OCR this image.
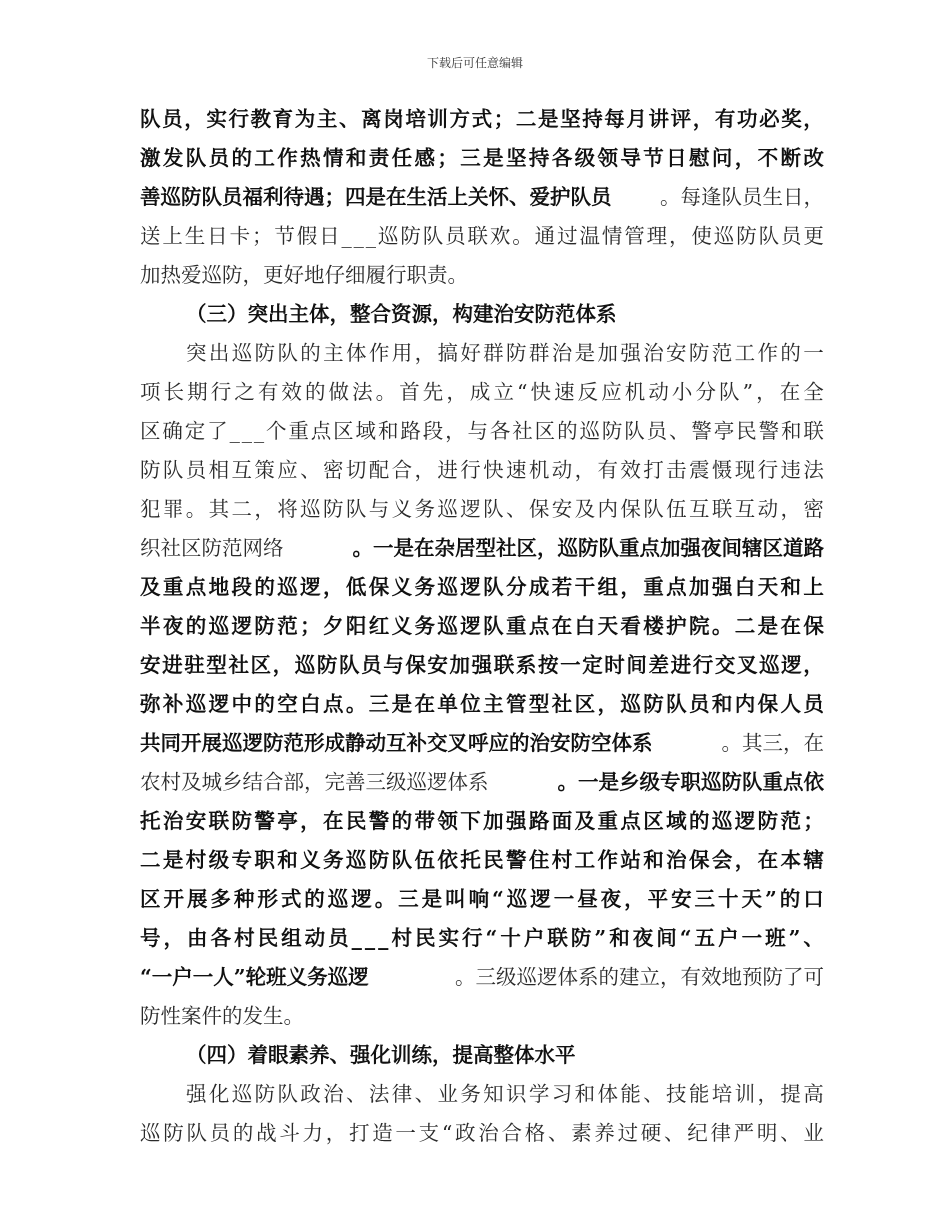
下载后可任意编辑
队 员 ， 实 行 教 育 为 主 、 离 岗 培 训 方 式 ； 二 是 坚 持 每 月 讲 评 ， 有 功 必 奖 ，
激 发 队 员 的 工 作 热 情 和 责 任 感 ； 三 是 坚 持 各 级 领 导 节 日 慰 问 ， 不 断 改
善巡防队员福利待遇；四是在生活上关怀、爱护队员 。每逢队员生日，
送 上 生 日 卡 ； 节 假 日 _ _ _ 巡 防 队 员 联 欢 。 通 过 温 情 管 理 ， 使 巡 防 队 员 更
加热爱巡防，更好地仔细履行职责。
（三）突出主体，整合资源，构建治安防范体系
突 出 巡 防 队 的 主 体 作 用 ， 搞 好 群 防 群 治 是 加 强 治 安 防 范 工 作 的 一
项 长 期 行 之 有 效 的 做 法 。 首 先 ， 成 立 “ 快 速 反 应 机 动 小 分 队 ” ， 在 全
区 确 定 了 _ _ _ 个 重 点 区 域 和 路 段 ， 与 各 社 区 的 巡 防 队 员 、 警 亭 民 警 和 联
防 队 员 相 互 策 应 、 密 切 配 合 ， 进 行 快 速 机 动 ， 有 效 打 击 震 慑 现 行 违 法
犯 罪 。 其 二 ， 将 巡 防 队 与 义 务 巡 逻 队 、 保 安 及 内 保 队 伍 互 联 互 动 ， 密
织社区防范网络	。一是在杂居型社区，巡防队重点加强夜间辖区道路
及 重 点 地 段 的 巡 逻 ， 低 保 义 务 巡 逻 队 分 成 若 干 组 ， 重 点 加 强 白 天 和 上
半 夜 的 巡 逻 防 范 ； 夕 阳 红 义 务 巡 逻 队 重 点 在 白 天 看 楼 护 院 。 二 是 在 保
安 进 驻 型 社 区 ， 巡 防 队 员 与 保 安 加 强 联 系 按 一 定 时 间 差 进 行 交 叉 巡 逻 ，
弥 补 巡 逻 中 的 空 白 点 。 三 是 在 单 位 主 管 型 社 区 ， 巡 防 队 员 和 内 保 人 员
共同开展巡逻防范形成静动互补交叉呼应的治安防空体系	。其三，在
农村及城乡结合部，完善三级巡逻体系	。一是乡级专职巡防队重点依
托 治 安 联 防 警 亭 ， 在 民 警 的 带 领 下 加 强 路 面 及 重 点 区 域 的 巡 逻 防 范 ；
二 是 村 级 专 职 和 义 务 巡 防 队 伍 依 托 民 警 住 村 工 作 站 和 治 保 会 ， 在 本 辖
区 开 展 多 种 形 式 的 巡 逻 。 三 是 叫 响 “ 巡 逻 一 昼 夜 ， 平 安 三 十 天 ” 的 口
号 ， 由 各 村 民 组 动 员 _ _ _ 村 民 实 行 “ 十 户 联 防 ” 和 夜 间 “ 五 户 一 班 ” 、
“一户一人”轮班义务巡逻	。三级巡逻体系的建立，有效地预防了可
防性案件的发生。
（四）着眼素养、强化训练，提高整体水平
强 化 巡 防 队 政 治 、 法 律 、 业 务 知 识 学 习 和 体 能 、 技 能 培 训 ， 提 高
巡 防 队 员 的 战 斗 力 ， 打 造 一 支 “ 政 治 合 格 、 素 养 过 硬 、 纪 律 严 明 、 业
